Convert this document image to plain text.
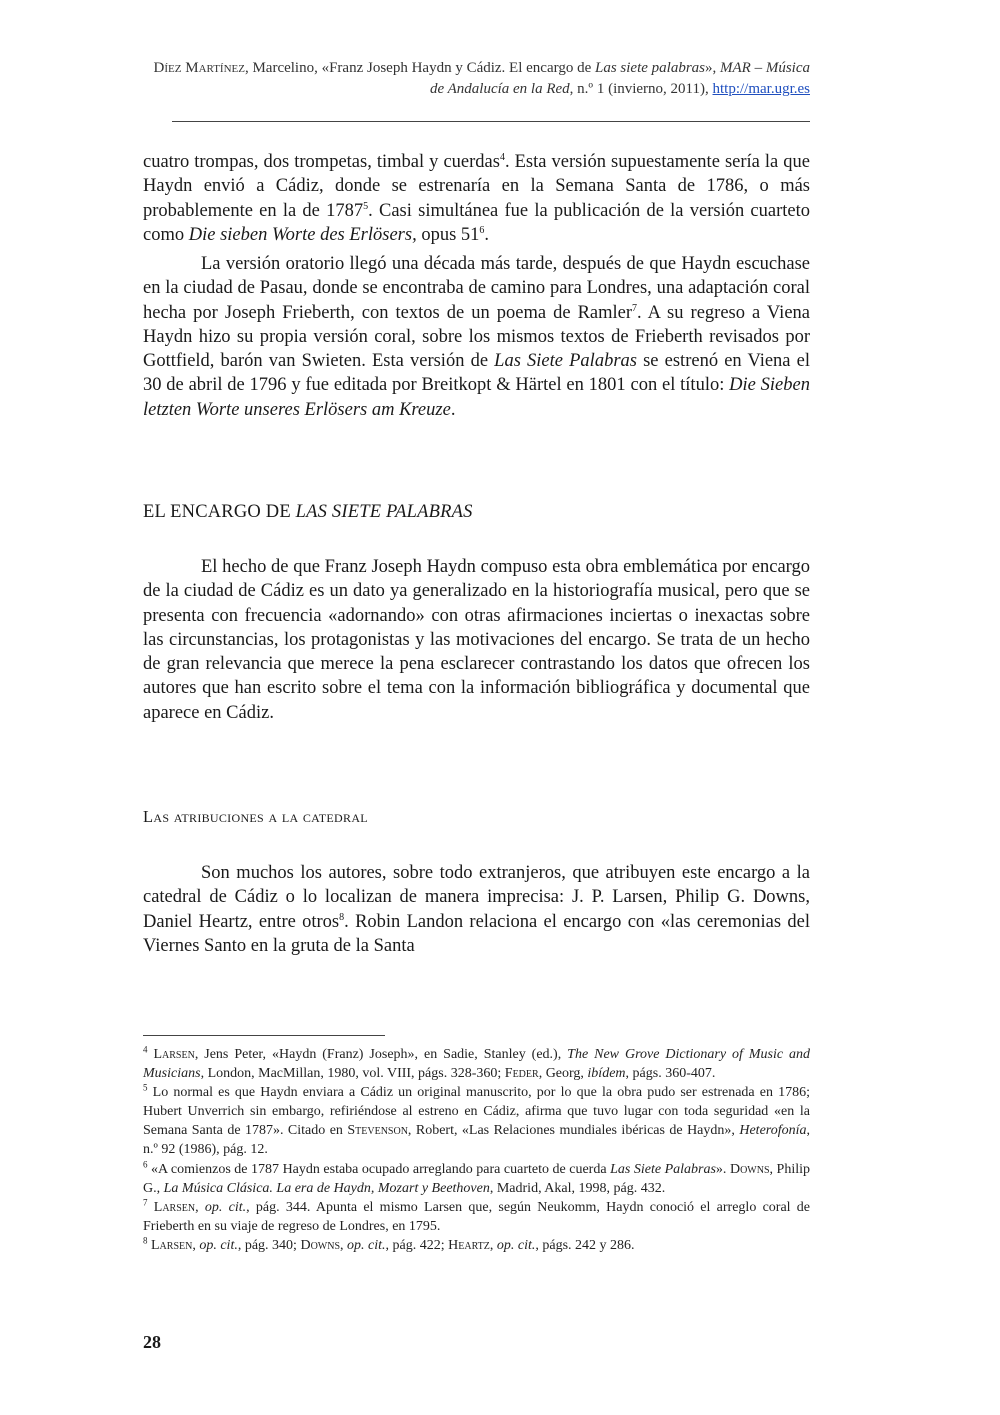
Díez Martínez, Marcelino, «Franz Joseph Haydn y Cádiz. El encargo de Las siete palabras», MAR – Música de Andalucía en la Red, n.º 1 (invierno, 2011), http://mar.ugr.es

cuatro trompas, dos trompetas, timbal y cuerdas$^4$. Esta versión supuestamente sería la que Haydn envió a Cádiz, donde se estrenaría en la Semana Santa de 1786, o más probablemente en la de 1787$^5$. Casi simultánea fue la publicación de la versión cuarteto como Die sieben Worte des Erlösers, opus $51^6$.

La versión oratorio llegó una década más tarde, después de que Haydn escuchase en la ciudad de Pasau, donde se encontraba de camino para Londres, una adaptación coral hecha por Joseph Frieberth, con textos de un poema de Ramler$^7$. A su regreso a Viena Haydn hizo su propia versión coral, sobre los mismos textos de Frieberth revisados por Gottfield, barón van Swieten. Esta versión de Las Siete Palabras se estrenó en Viena el 30 de abril de 1796 y fue editada por Breitkopt & Härtel en 1801 con el título: Die Sieben letzten Worte unseres Erlösers am Kreuze.

EL ENCARGO DE LAS SIETE PALABRAS

El hecho de que Franz Joseph Haydn compuso esta obra emblemática por encargo de la ciudad de Cádiz es un dato ya generalizado en la historiografía musical, pero que se presenta con frecuencia «adornando» con otras afirmaciones inciertas o inexactas sobre las circunstancias, los protagonistas y las motivaciones del encargo. Se trata de un hecho de gran relevancia que merece la pena esclarecer contrastando los datos que ofrecen los autores que han escrito sobre el tema con la información bibliográfica y documental que aparece en Cádiz.

Las atribuciones a la catedral

Son muchos los autores, sobre todo extranjeros, que atribuyen este encargo a la catedral de Cádiz o lo localizan de manera imprecisa: J. P. Larsen, Philip G. Downs, Daniel Heartz, entre otros$^8$. Robin Landon relaciona el encargo con «las ceremonias del Viernes Santo en la gruta de la Santa

$^4$ Larsen, Jens Peter, «Haydn (Franz) Joseph», en Sadie, Stanley (ed.), The New Grove Dictionary of Music and Musicians, London, MacMillan, 1980, vol. VIII, págs. 328-360; Feder, Georg, ibídem, págs. 360-407.

$^5$ Lo normal es que Haydn enviara a Cádiz un original manuscrito, por lo que la obra pudo ser estrenada en 1786; Hubert Unverrich sin embargo, refiriéndose al estreno en Cádiz, afirma que tuvo lugar con toda seguridad «en la Semana Santa de 1787». Citado en Stevenson, Robert, «Las Relaciones mundiales ibéricas de Haydn», Heterofonía, n.º 92 (1986), pág. 12.

$^6$ «A comienzos de 1787 Haydn estaba ocupado arreglando para cuarteto de cuerda Las Siete Palabras». Downs, Philip G., La Música Clásica. La era de Haydn, Mozart y Beethoven, Madrid, Akal, 1998, pág. 432.

$^7$ Larsen, op. cit., pág. 344. Apunta el mismo Larsen que, según Neukomm, Haydn conoció el arreglo coral de Frieberth en su viaje de regreso de Londres, en 1795.

$^8$ Larsen, op. cit., pág. 340; Downs, op. cit., pág. 422; Heartz, op. cit., págs. 242 y 286.

28
